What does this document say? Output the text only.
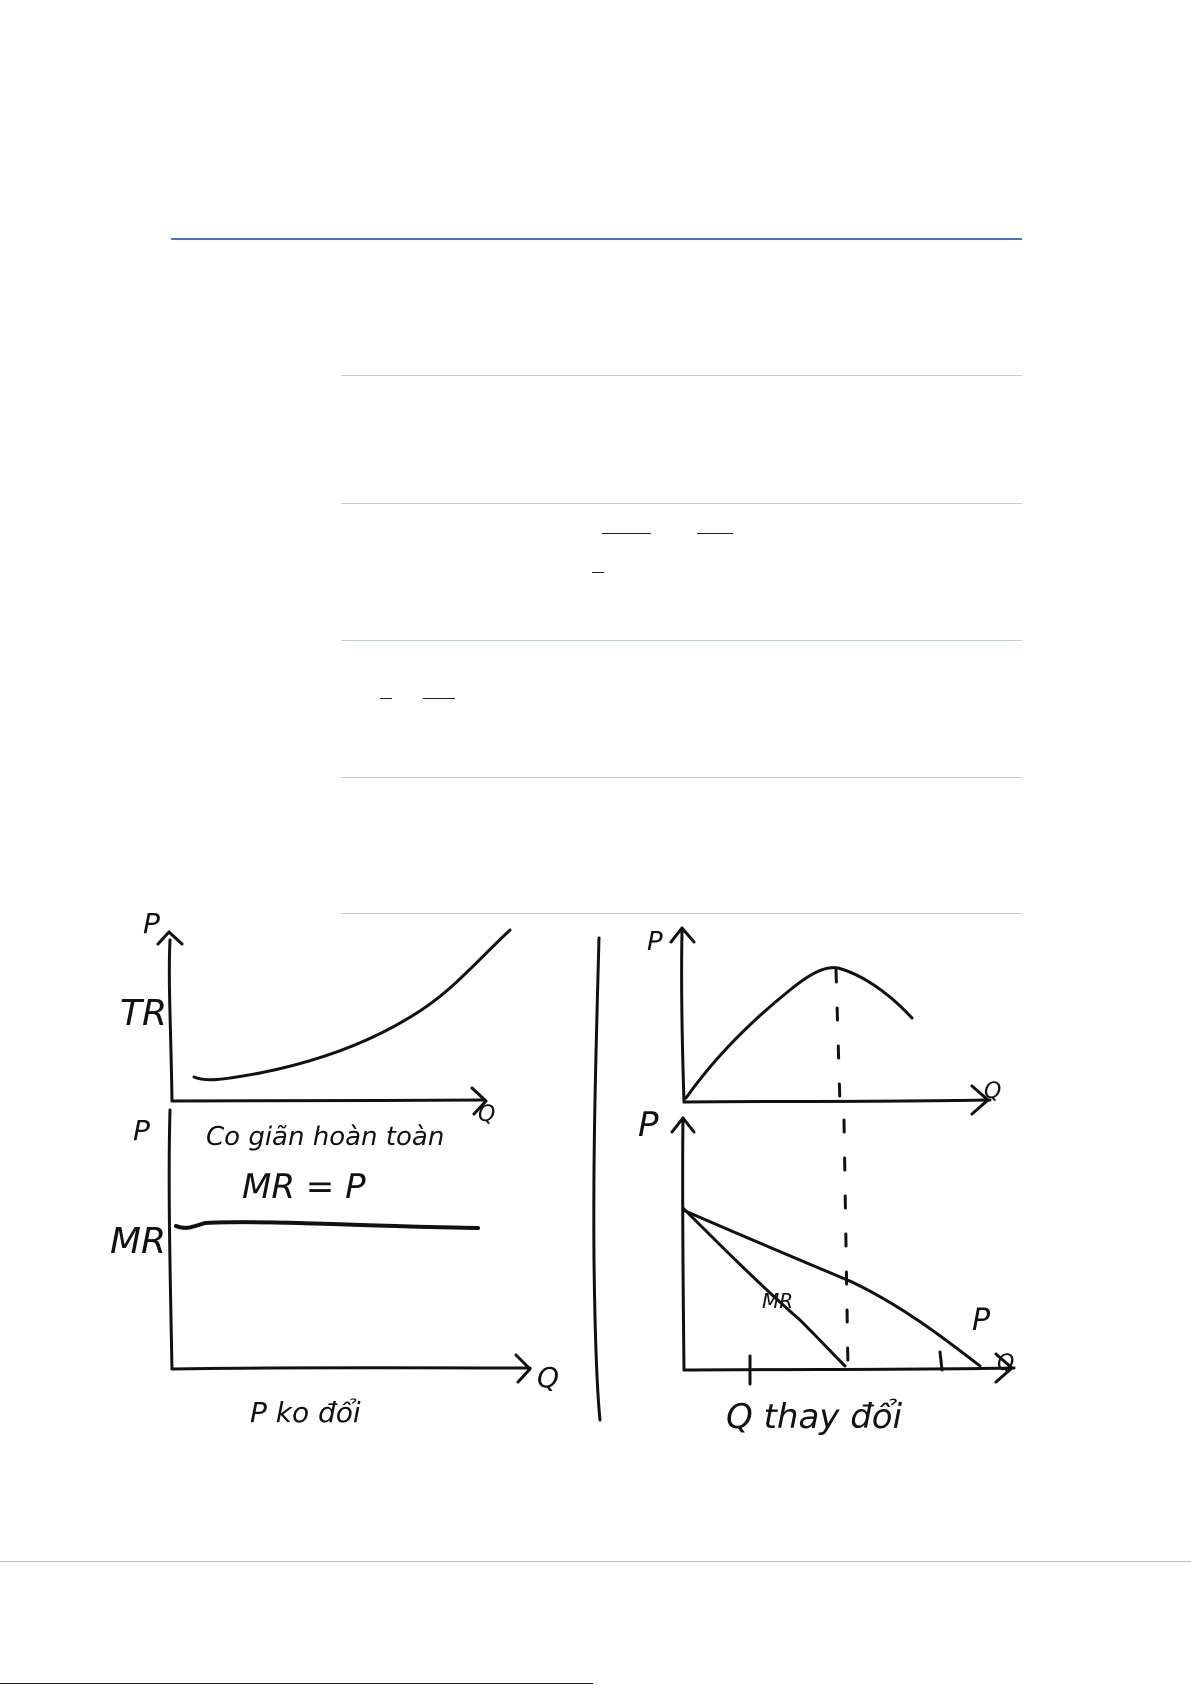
P
Q
TR
P
Q
MR
Co giãn hoàn toàn
MR = P
P ko đổi
P
Q
P
Q
MR
P
Q thay đổi
